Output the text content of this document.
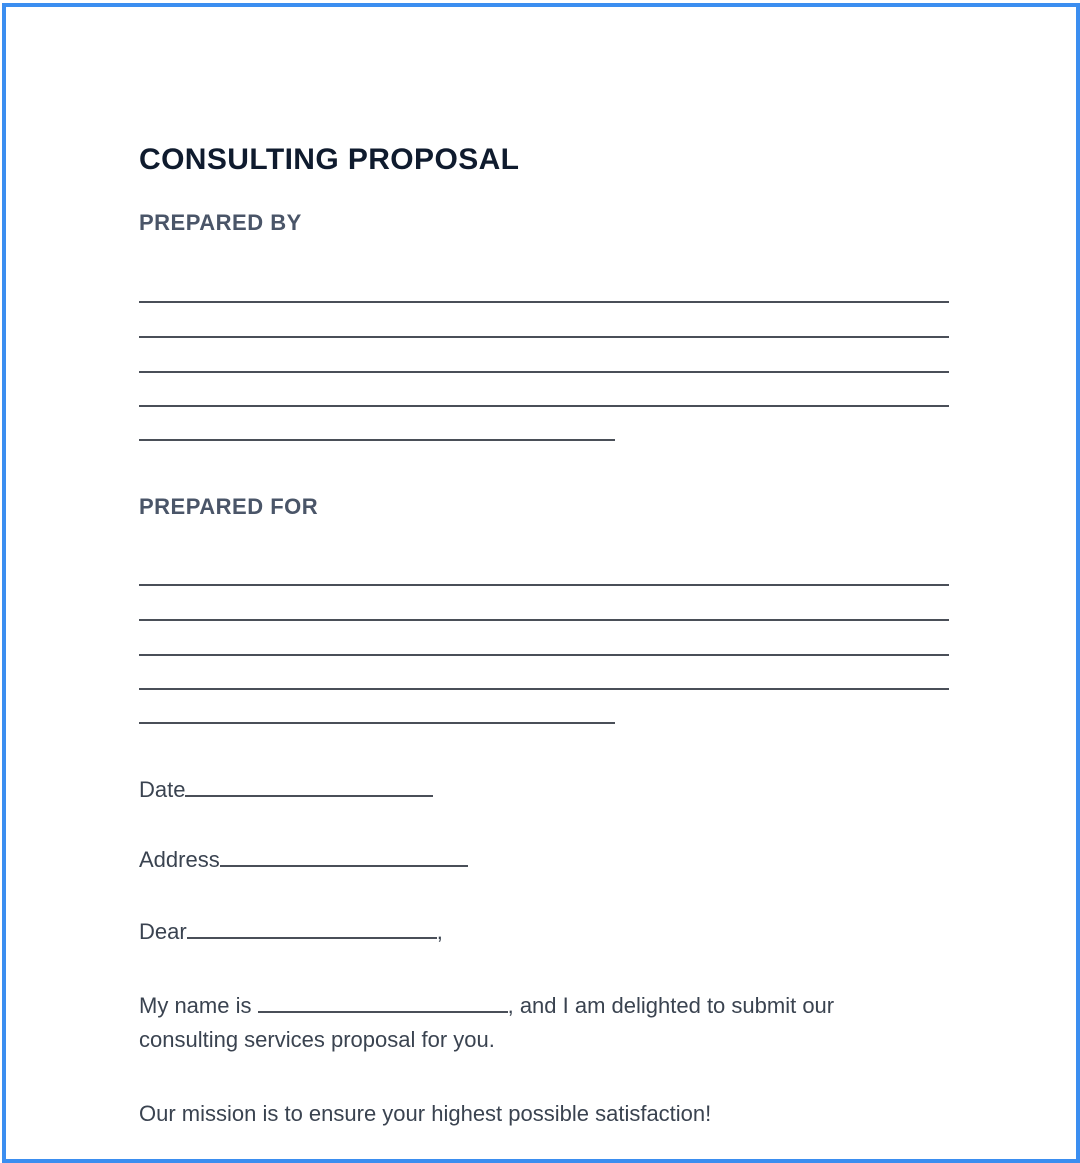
CONSULTING PROPOSAL
PREPARED BY
PREPARED FOR
Date
Address
Dear	,
My name is	, and I am delighted to submit our
consulting services proposal for you.
Our mission is to ensure your highest possible satisfaction!
